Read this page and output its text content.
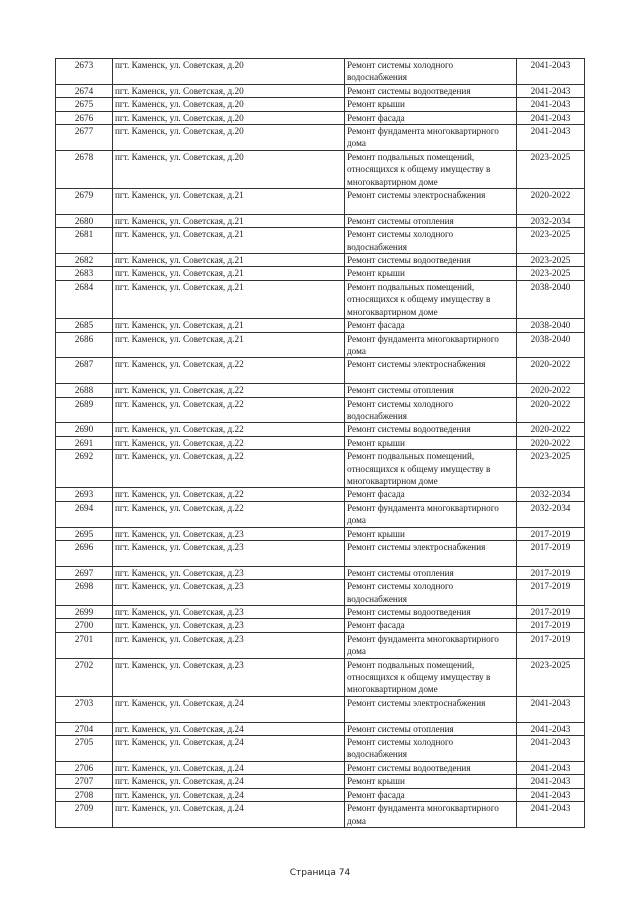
2673	пгт. Каменск, ул. Советская, д.20	Ремонт системы холодного водоснабжения	2041-2043
2674	пгт. Каменск, ул. Советская, д.20	Ремонт системы водоотведения	2041-2043
2675	пгт. Каменск, ул. Советская, д.20	Ремонт крыши	2041-2043
2676	пгт. Каменск, ул. Советская, д.20	Ремонт фасада	2041-2043
2677	пгт. Каменск, ул. Советская, д.20	Ремонт фундамента многоквартирного дома	2041-2043
2678	пгт. Каменск, ул. Советская, д.20	Ремонт подвальных помещений, относящихся к общему имуществу в многоквартирном доме	2023-2025
2679	пгт. Каменск, ул. Советская, д.21	Ремонт системы электроснабжения	2020-2022
2680	пгт. Каменск, ул. Советская, д.21	Ремонт системы отопления	2032-2034
2681	пгт. Каменск, ул. Советская, д.21	Ремонт системы холодного водоснабжения	2023-2025
2682	пгт. Каменск, ул. Советская, д.21	Ремонт системы водоотведения	2023-2025
2683	пгт. Каменск, ул. Советская, д.21	Ремонт крыши	2023-2025
2684	пгт. Каменск, ул. Советская, д.21	Ремонт подвальных помещений, относящихся к общему имуществу в многоквартирном доме	2038-2040
2685	пгт. Каменск, ул. Советская, д.21	Ремонт фасада	2038-2040
2686	пгт. Каменск, ул. Советская, д.21	Ремонт фундамента многоквартирного дома	2038-2040
2687	пгт. Каменск, ул. Советская, д.22	Ремонт системы электроснабжения	2020-2022
2688	пгт. Каменск, ул. Советская, д.22	Ремонт системы отопления	2020-2022
2689	пгт. Каменск, ул. Советская, д.22	Ремонт системы холодного водоснабжения	2020-2022
2690	пгт. Каменск, ул. Советская, д.22	Ремонт системы водоотведения	2020-2022
2691	пгт. Каменск, ул. Советская, д.22	Ремонт крыши	2020-2022
2692	пгт. Каменск, ул. Советская, д.22	Ремонт подвальных помещений, относящихся к общему имуществу в многоквартирном доме	2023-2025
2693	пгт. Каменск, ул. Советская, д.22	Ремонт фасада	2032-2034
2694	пгт. Каменск, ул. Советская, д.22	Ремонт фундамента многоквартирного дома	2032-2034
2695	пгт. Каменск, ул. Советская, д.23	Ремонт крыши	2017-2019
2696	пгт. Каменск, ул. Советская, д.23	Ремонт системы электроснабжения	2017-2019
2697	пгт. Каменск, ул. Советская, д.23	Ремонт системы отопления	2017-2019
2698	пгт. Каменск, ул. Советская, д.23	Ремонт системы холодного водоснабжения	2017-2019
2699	пгт. Каменск, ул. Советская, д.23	Ремонт системы водоотведения	2017-2019
2700	пгт. Каменск, ул. Советская, д.23	Ремонт фасада	2017-2019
2701	пгт. Каменск, ул. Советская, д.23	Ремонт фундамента многоквартирного дома	2017-2019
2702	пгт. Каменск, ул. Советская, д.23	Ремонт подвальных помещений, относящихся к общему имуществу в многоквартирном доме	2023-2025
2703	пгт. Каменск, ул. Советская, д.24	Ремонт системы электроснабжения	2041-2043
2704	пгт. Каменск, ул. Советская, д.24	Ремонт системы отопления	2041-2043
2705	пгт. Каменск, ул. Советская, д.24	Ремонт системы холодного водоснабжения	2041-2043
2706	пгт. Каменск, ул. Советская, д.24	Ремонт системы водоотведения	2041-2043
2707	пгт. Каменск, ул. Советская, д.24	Ремонт крыши	2041-2043
2708	пгт. Каменск, ул. Советская, д.24	Ремонт фасада	2041-2043
2709	пгт. Каменск, ул. Советская, д.24	Ремонт фундамента многоквартирного дома	2041-2043
Страница 74
